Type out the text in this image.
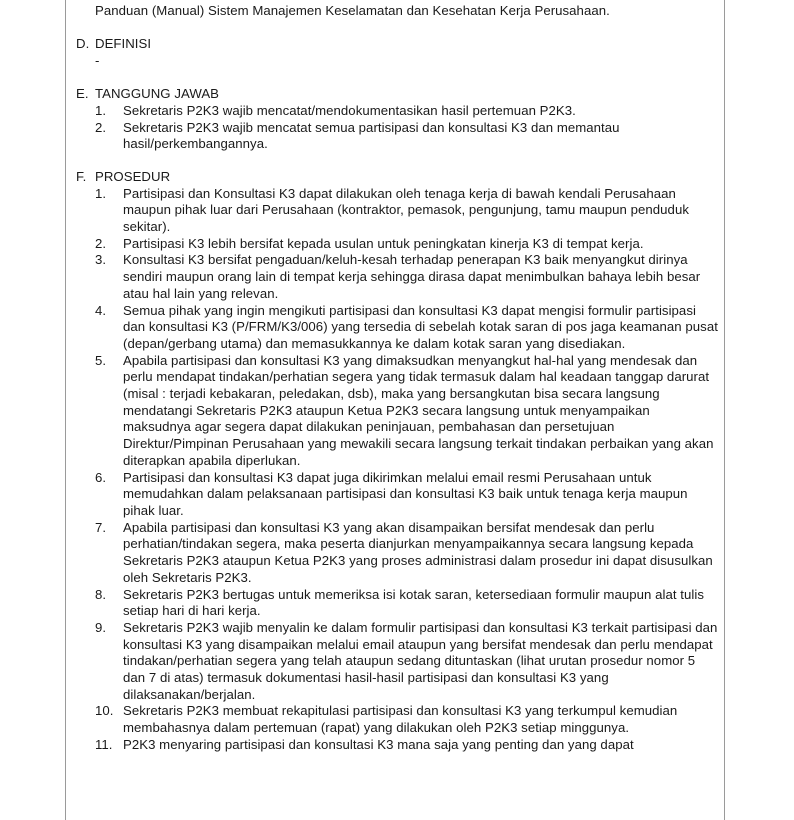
Panduan (Manual) Sistem Manajemen Keselamatan dan Kesehatan Kerja Perusahaan.

D. DEFINISI
-
E. TANGGUNG JAWAB
1.	Sekretaris P2K3 wajib mencatat/mendokumentasikan hasil pertemuan P2K3.
2.	Sekretaris P2K3 wajib mencatat semua partisipasi dan konsultasi K3 dan memantau hasil/perkembangannya.
F. PROSEDUR
1.	Partisipasi dan Konsultasi K3 dapat dilakukan oleh tenaga kerja di bawah kendali Perusahaan maupun pihak luar dari Perusahaan (kontraktor, pemasok, pengunjung, tamu maupun penduduk sekitar).
2.	Partisipasi K3 lebih bersifat kepada usulan untuk peningkatan kinerja K3 di tempat kerja.
3.	Konsultasi K3 bersifat pengaduan/keluh-kesah terhadap penerapan K3 baik menyangkut dirinya sendiri maupun orang lain di tempat kerja sehingga dirasa dapat menimbulkan bahaya lebih besar atau hal lain yang relevan.
4.	Semua pihak yang ingin mengikuti partisipasi dan konsultasi K3 dapat mengisi formulir partisipasi dan konsultasi K3 (P/FRM/K3/006) yang tersedia di sebelah kotak saran di pos jaga keamanan pusat (depan/gerbang utama) dan memasukkannya ke dalam kotak saran yang disediakan.
5.	Apabila partisipasi dan konsultasi K3 yang dimaksudkan menyangkut hal-hal yang mendesak dan perlu mendapat tindakan/perhatian segera yang tidak termasuk dalam hal keadaan tanggap darurat (misal : terjadi kebakaran, peledakan, dsb), maka yang bersangkutan bisa secara langsung mendatangi Sekretaris P2K3 ataupun Ketua P2K3 secara langsung untuk menyampaikan maksudnya agar segera dapat dilakukan peninjauan, pembahasan dan persetujuan Direktur/Pimpinan Perusahaan yang mewakili secara langsung terkait tindakan perbaikan yang akan diterapkan apabila diperlukan.
6.	Partisipasi dan konsultasi K3 dapat juga dikirimkan melalui email resmi Perusahaan untuk memudahkan dalam pelaksanaan partisipasi dan konsultasi K3 baik untuk tenaga kerja maupun pihak luar.
7.	Apabila partisipasi dan konsultasi K3 yang akan disampaikan bersifat mendesak dan perlu perhatian/tindakan segera, maka peserta dianjurkan menyampaikannya secara langsung kepada Sekretaris P2K3 ataupun Ketua P2K3 yang proses administrasi dalam prosedur ini dapat disusulkan oleh Sekretaris P2K3.
8.	Sekretaris P2K3 bertugas untuk memeriksa isi kotak saran, ketersediaan formulir maupun alat tulis setiap hari di hari kerja.
9.	Sekretaris P2K3 wajib menyalin ke dalam formulir partisipasi dan konsultasi K3 terkait partisipasi dan konsultasi K3 yang disampaikan melalui email ataupun yang bersifat mendesak dan perlu mendapat tindakan/perhatian segera yang telah ataupun sedang dituntaskan (lihat urutan prosedur nomor 5 dan 7 di atas) termasuk dokumentasi hasil-hasil partisipasi dan konsultasi K3 yang dilaksanakan/berjalan.
10. Sekretaris P2K3 membuat rekapitulasi partisipasi dan konsultasi K3 yang terkumpul kemudian membahasnya dalam pertemuan (rapat) yang dilakukan oleh P2K3 setiap minggunya.
11. P2K3 menyaring partisipasi dan konsultasi K3 mana saja yang penting dan yang dapat
